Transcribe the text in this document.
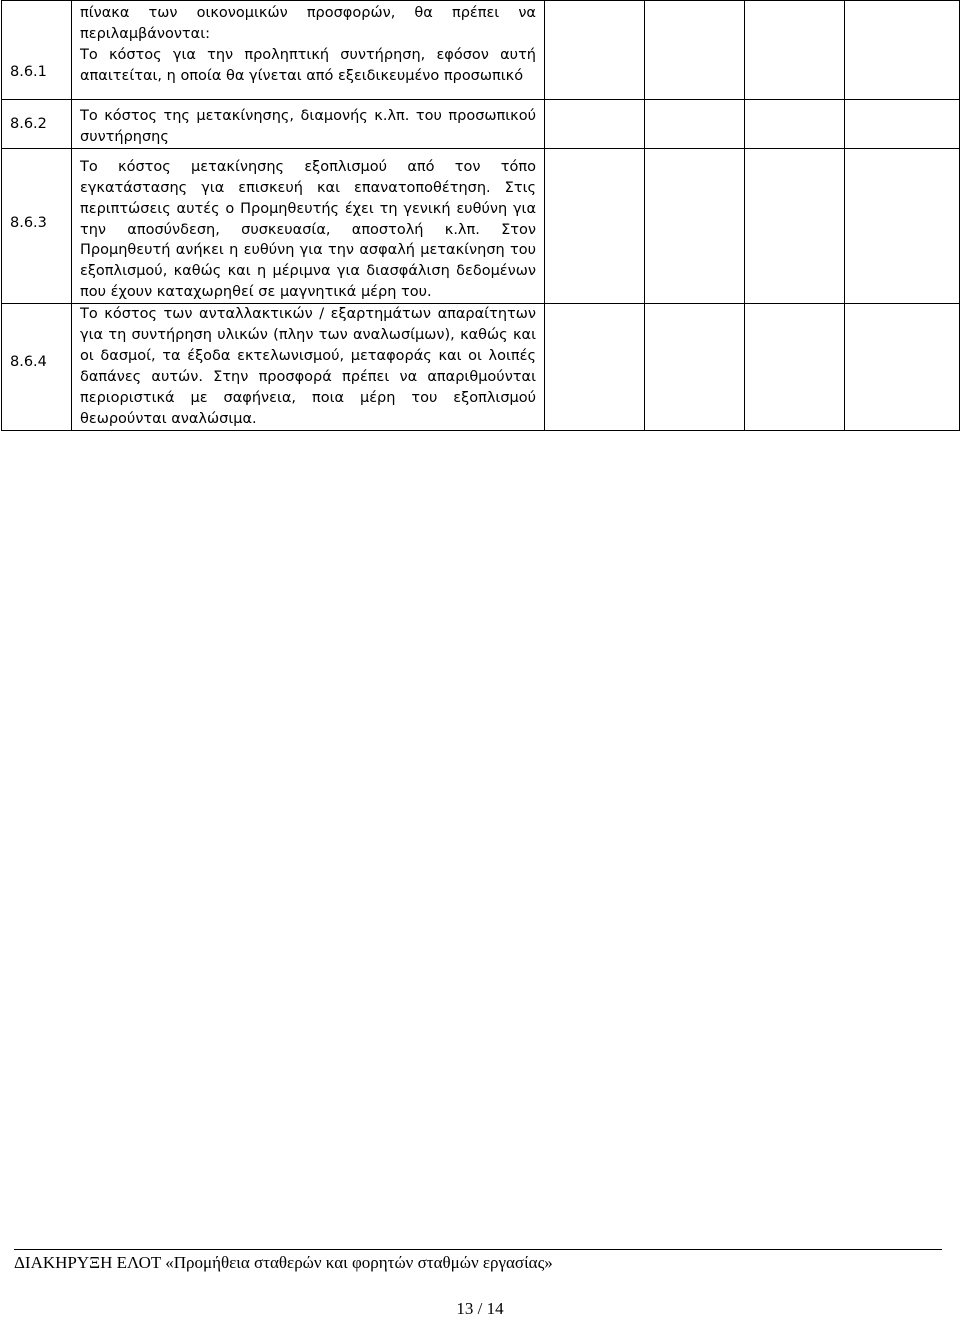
8.6.1	πίνακα των οικονομικών προσφορών, θα πρέπει να περιλαμβάνονται:
Το κόστος για την προληπτική συντήρηση, εφόσον αυτή απαιτείται, η οποία θα γίνεται από εξειδικευμένο προσωπικό				

8.6.2	Το κόστος της μετακίνησης, διαμονής κ.λπ. του προσωπικού συντήρησης				

8.6.3	Το κόστος μετακίνησης εξοπλισμού από τον τόπο εγκατάστασης για επισκευή και επανατοποθέτηση. Στις περιπτώσεις αυτές ο Προμηθευτής έχει τη γενική ευθύνη για την αποσύνδεση, συσκευασία, αποστολή κ.λπ. Στον Προμηθευτή ανήκει η ευθύνη για την ασφαλή μετακίνηση του εξοπλισμού, καθώς και η μέριμνα για διασφάλιση δεδομένων που έχουν καταχωρηθεί σε μαγνητικά μέρη του.				

8.6.4	Το κόστος των ανταλλακτικών / εξαρτημάτων απαραίτητων για τη συντήρηση υλικών (πλην των αναλωσίμων), καθώς και οι δασμοί, τα έξοδα εκτελωνισμού, μεταφοράς και οι λοιπές δαπάνες αυτών. Στην προσφορά πρέπει να απαριθμούνται περιοριστικά με σαφήνεια, ποια μέρη του εξοπλισμού θεωρούνται αναλώσιμα.				

ΔΙΑΚΗΡΥΞΗ ΕΛΟΤ «Προμήθεια σταθερών και φορητών σταθμών εργασίας»
13 / 14
